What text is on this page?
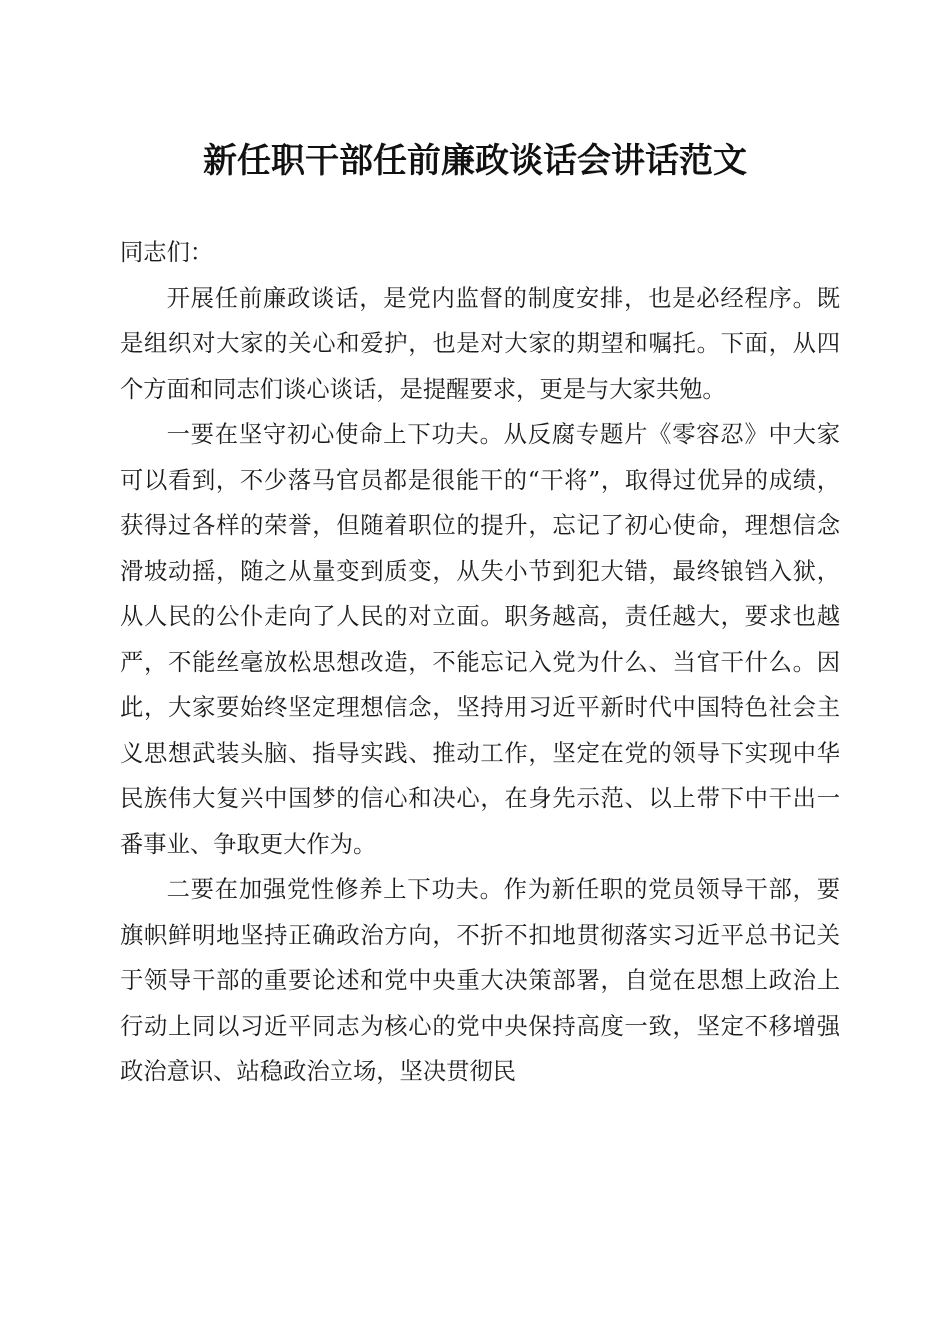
新任职干部任前廉政谈话会讲话范文

同志们：

开展任前廉政谈话，是党内监督的制度安排，也是必经程序。既是组织对大家的关心和爱护，也是对大家的期望和嘱托。下面，从四个方面和同志们谈心谈话，是提醒要求，更是与大家共勉。

一要在坚守初心使命上下功夫。从反腐专题片《零容忍》中大家可以看到，不少落马官员都是很能干的“干将”，取得过优异的成绩，获得过各样的荣誉，但随着职位的提升，忘记了初心使命，理想信念滑坡动摇，随之从量变到质变，从失小节到犯大错，最终锒铛入狱，从人民的公仆走向了人民的对立面。职务越高，责任越大，要求也越严，不能丝毫放松思想改造，不能忘记入党为什么、当官干什么。因此，大家要始终坚定理想信念，坚持用习近平新时代中国特色社会主义思想武装头脑、指导实践、推动工作，坚定在党的领导下实现中华民族伟大复兴中国梦的信心和决心，在身先示范、以上带下中干出一番事业、争取更大作为。

二要在加强党性修养上下功夫。作为新任职的党员领导干部，要旗帜鲜明地坚持正确政治方向，不折不扣地贯彻落实习近平总书记关于领导干部的重要论述和党中央重大决策部署，自觉在思想上政治上行动上同以习近平同志为核心的党中央保持高度一致，坚定不移增强政治意识、站稳政治立场，坚决贯彻民
